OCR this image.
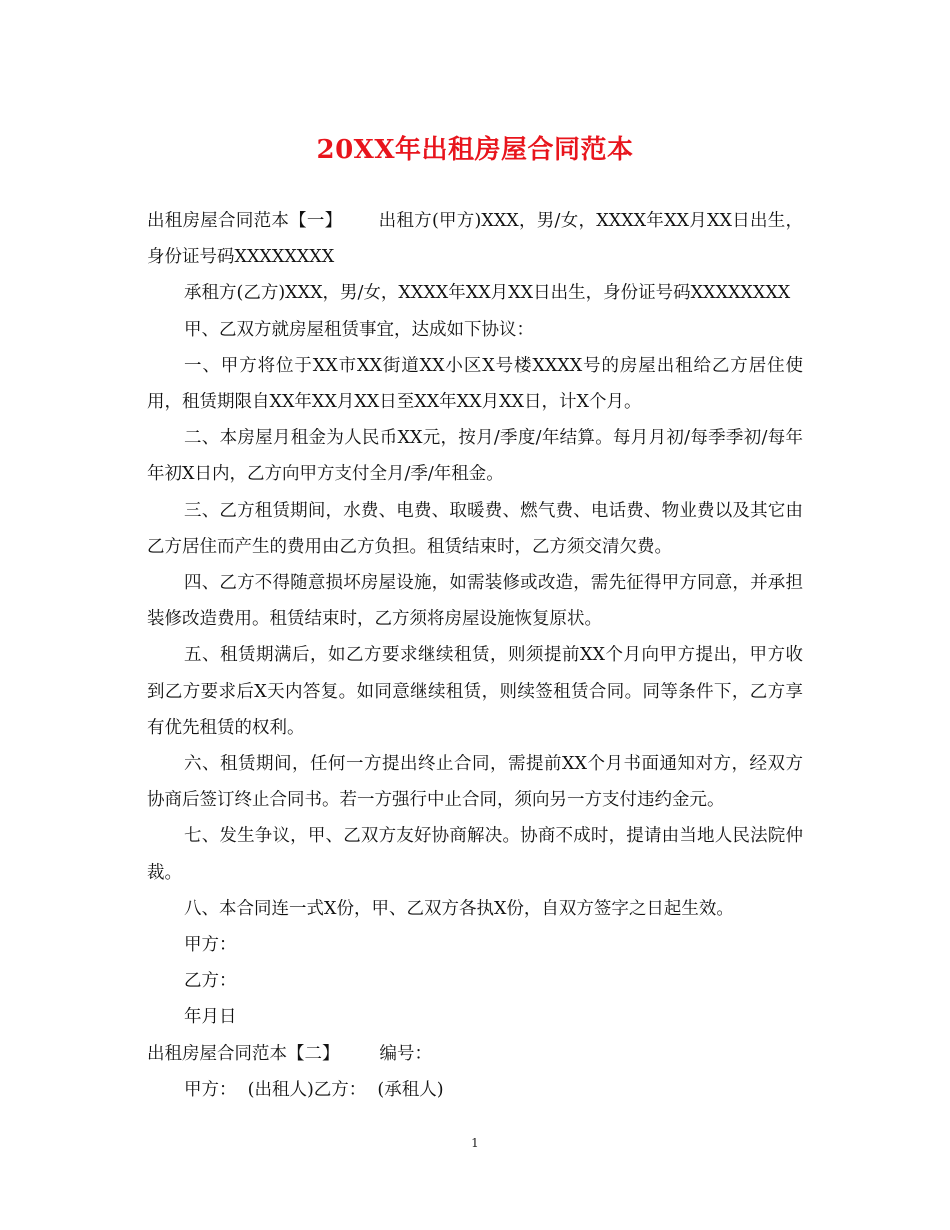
20XX年出租房屋合同范本

出租房屋合同范本【一】 出租方(甲方)XXX，男/女，XXXX年XX月XX日出生，身份证号码XXXXXXXX

承租方(乙方)XXX，男/女，XXXX年XX月XX日出生，身份证号码XXXXXXXX

甲、乙双方就房屋租赁事宜，达成如下协议：

一、甲方将位于XX市XX街道XX小区X号楼XXXX号的房屋出租给乙方居住使用，租赁期限自XX年XX月XX日至XX年XX月XX日，计X个月。

二、本房屋月租金为人民币XX元，按月/季度/年结算。每月月初/每季季初/每年年初X日内，乙方向甲方支付全月/季/年租金。

三、乙方租赁期间，水费、电费、取暖费、燃气费、电话费、物业费以及其它由乙方居住而产生的费用由乙方负担。租赁结束时，乙方须交清欠费。

四、乙方不得随意损坏房屋设施，如需装修或改造，需先征得甲方同意，并承担装修改造费用。租赁结束时，乙方须将房屋设施恢复原状。

五、租赁期满后，如乙方要求继续租赁，则须提前XX个月向甲方提出，甲方收到乙方要求后X天内答复。如同意继续租赁，则续签租赁合同。同等条件下，乙方享有优先租赁的权利。

六、租赁期间，任何一方提出终止合同，需提前XX个月书面通知对方，经双方协商后签订终止合同书。若一方强行中止合同，须向另一方支付违约金元。

七、发生争议，甲、乙双方友好协商解决。协商不成时，提请由当地人民法院仲裁。

八、本合同连一式X份，甲、乙双方各执X份，自双方签字之日起生效。

甲方：

乙方：

年月日

出租房屋合同范本【二】 编号：

甲方：  (出租人)乙方：  (承租人)

1
